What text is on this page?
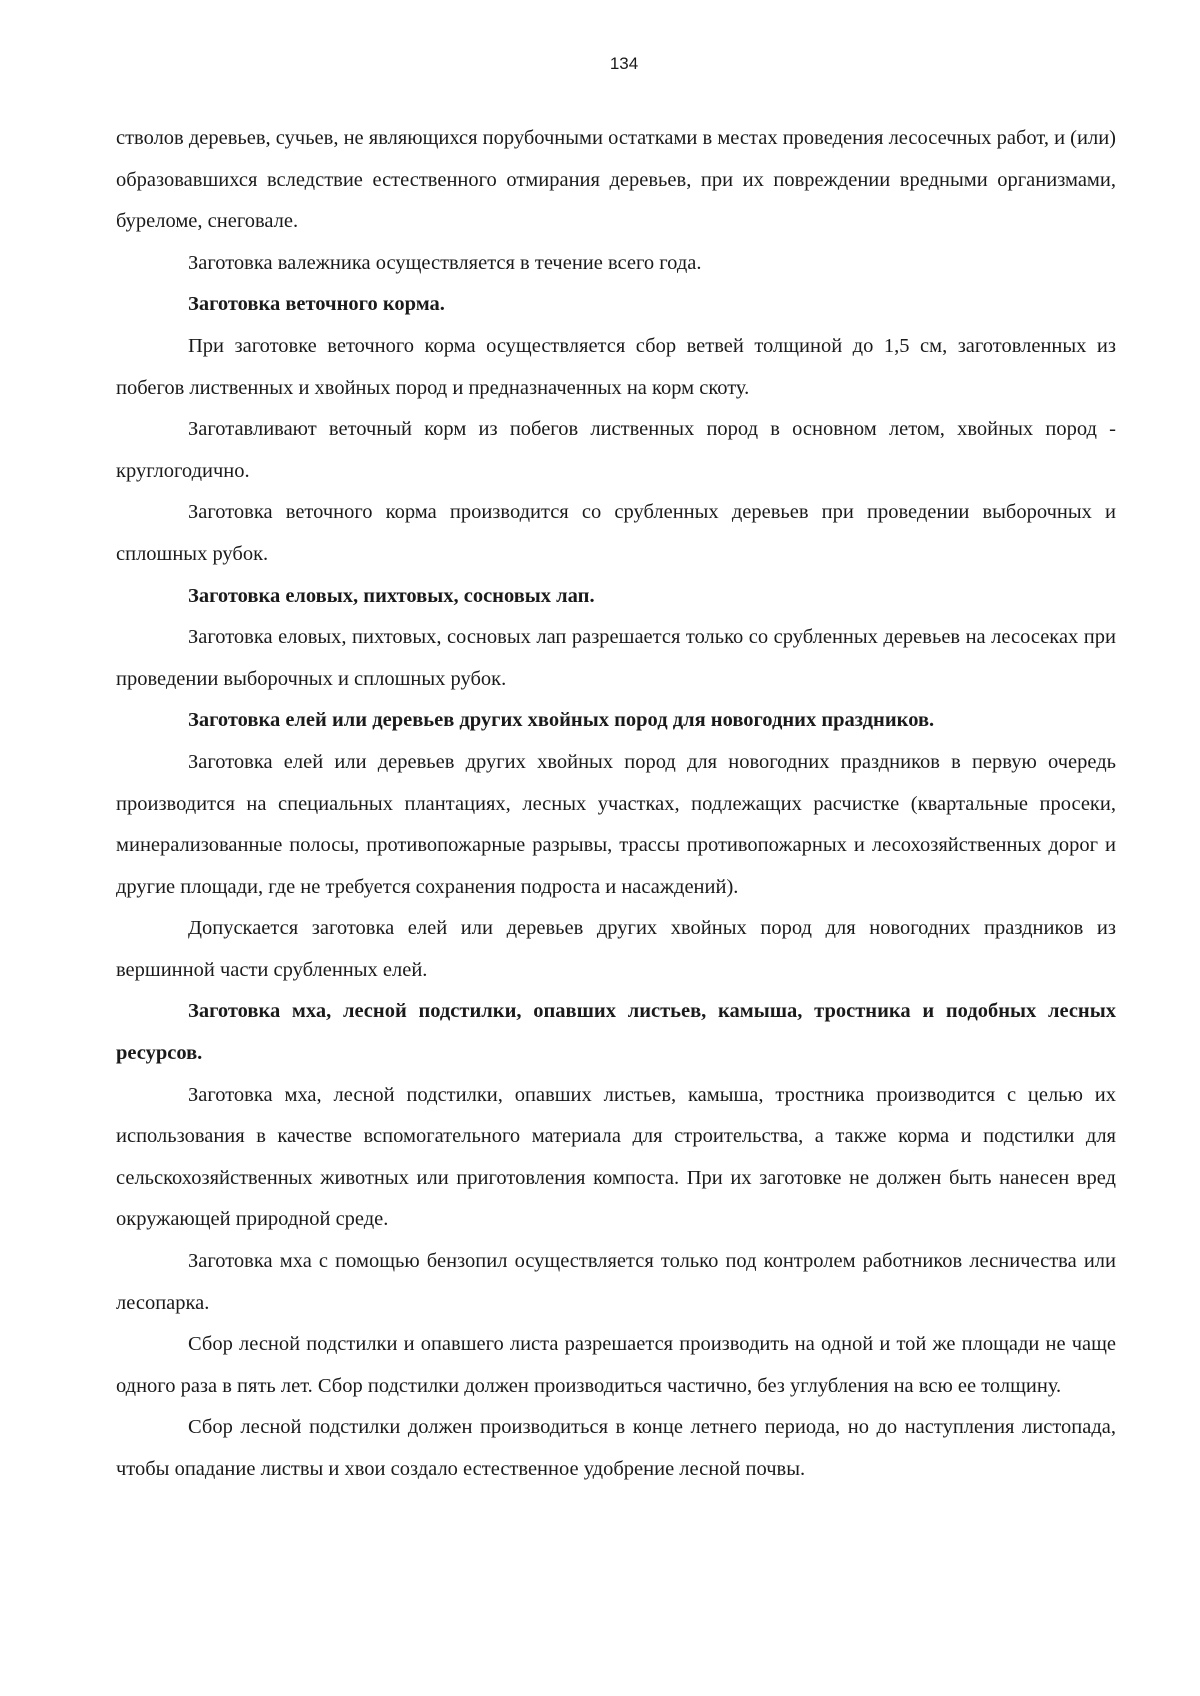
134

стволов деревьев, сучьев, не являющихся порубочными остатками в местах проведения лесосечных работ, и (или) образовавшихся вследствие естественного отмирания деревьев, при их повреждении вредными организмами, буреломе, снеговале.

Заготовка валежника осуществляется в течение всего года.

Заготовка веточного корма.

При заготовке веточного корма осуществляется сбор ветвей толщиной до 1,5 см, заготовленных из побегов лиственных и хвойных пород и предназначенных на корм скоту.

Заготавливают веточный корм из побегов лиственных пород в основном летом, хвойных пород - круглогодично.

Заготовка веточного корма производится со срубленных деревьев при проведении выборочных и сплошных рубок.

Заготовка еловых, пихтовых, сосновых лап.

Заготовка еловых, пихтовых, сосновых лап разрешается только со срубленных деревьев на лесосеках при проведении выборочных и сплошных рубок.

Заготовка елей или деревьев других хвойных пород для новогодних праздников.

Заготовка елей или деревьев других хвойных пород для новогодних праздников в первую очередь производится на специальных плантациях, лесных участках, подлежащих расчистке (квартальные просеки, минерализованные полосы, противопожарные разрывы, трассы противопожарных и лесохозяйственных дорог и другие площади, где не требуется сохранения подроста и насаждений).

Допускается заготовка елей или деревьев других хвойных пород для новогодних праздников из вершинной части срубленных елей.

Заготовка мха, лесной подстилки, опавших листьев, камыша, тростника и подобных лесных ресурсов.

Заготовка мха, лесной подстилки, опавших листьев, камыша, тростника производится с целью их использования в качестве вспомогательного материала для строительства, а также корма и подстилки для сельскохозяйственных животных или приготовления компоста. При их заготовке не должен быть нанесен вред окружающей природной среде.

Заготовка мха с помощью бензопил осуществляется только под контролем работников лесничества или лесопарка.

Сбор лесной подстилки и опавшего листа разрешается производить на одной и той же площади не чаще одного раза в пять лет. Сбор подстилки должен производиться частично, без углубления на всю ее толщину.

Сбор лесной подстилки должен производиться в конце летнего периода, но до наступления листопада, чтобы опадание листвы и хвои создало естественное удобрение лесной почвы.
